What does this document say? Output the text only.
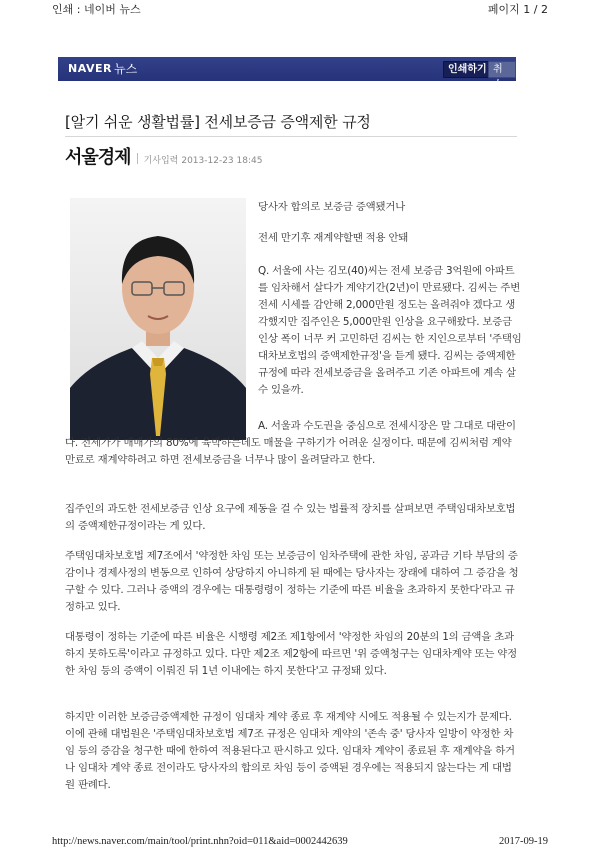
인쇄 : 네이버 뉴스	페이지 1 / 2
NAVER 뉴스	인쇄하기 취소
[알기 쉬운 생활법률] 전세보증금 증액제한 규정
서울경제 기사입력 2013-12-23 18:45

당사자 합의로 보증금 증액됐거나

전세 만기후 재계약할땐 적용 안돼

Q. 서울에 사는 김모(40)씨는 전세 보증금 3억원에 아파트를 임차해서 살다가 계약기간(2년)이 만료됐다. 김씨는 주변 전세 시세를 감안해 2,000만원 정도는 올려줘야 겠다고 생각했지만 집주인은 5,000만원 인상을 요구해왔다. 보증금 인상 폭이 너무 커 고민하던 김씨는 한 지인으로부터 '주택임대차보호법의 증액제한규정'을 듣게 됐다. 김씨는 증액제한 규정에 따라 전세보증금을 올려주고 기존 아파트에 계속 살 수 있을까.

A. 서울과 수도권을 중심으로 전세시장은 말 그대로 대란이다. 전세가가 매매가의 80%에 육박하는데도 매물을 구하기가 어려운 실정이다. 때문에 김씨처럼 계약 만료로 재계약하려고 하면 전세보증금을 너무나 많이 올려달라고 한다.

집주인의 과도한 전세보증금 인상 요구에 제동을 걸 수 있는 법률적 장치를 살펴보면 주택임대차보호법의 증액제한규정이라는 게 있다.

주택임대차보호법 제7조에서 '약정한 차임 또는 보증금이 임차주택에 관한 차임, 공과금 기타 부담의 증감이나 경제사정의 변동으로 인하여 상당하지 아니하게 된 때에는 당사자는 장래에 대하여 그 증감을 청구할 수 있다. 그러나 증액의 경우에는 대통령령이 정하는 기준에 따른 비율을 초과하지 못한다'라고 규정하고 있다.

대통령이 정하는 기준에 따른 비율은 시행령 제2조 제1항에서 '약정한 차임의 20분의 1의 금액을 초과하지 못하도록'이라고 규정하고 있다. 다만 제2조 제2항에 따르면 '위 증액청구는 임대차계약 또는 약정한 차임 등의 증액이 이뤄진 뒤 1년 이내에는 하지 못한다'고 규정돼 있다.

하지만 이러한 보증금증액제한 규정이 임대차 계약 종료 후 재계약 시에도 적용될 수 있는지가 문제다. 이에 관해 대법원은 '주택임대차보호법 제7조 규정은 임대차 계약의 '존속 중' 당사자 일방이 약정한 차임 등의 증감을 청구한 때에 한하여 적용된다고 판시하고 있다. 임대차 계약이 종료된 후 재계약을 하거나 임대차 계약 종료 전이라도 당사자의 합의로 차임 등이 증액된 경우에는 적용되지 않는다는 게 대법원 판례다.

http://news.naver.com/main/tool/print.nhn?oid=011&aid=0002442639	2017-09-19
